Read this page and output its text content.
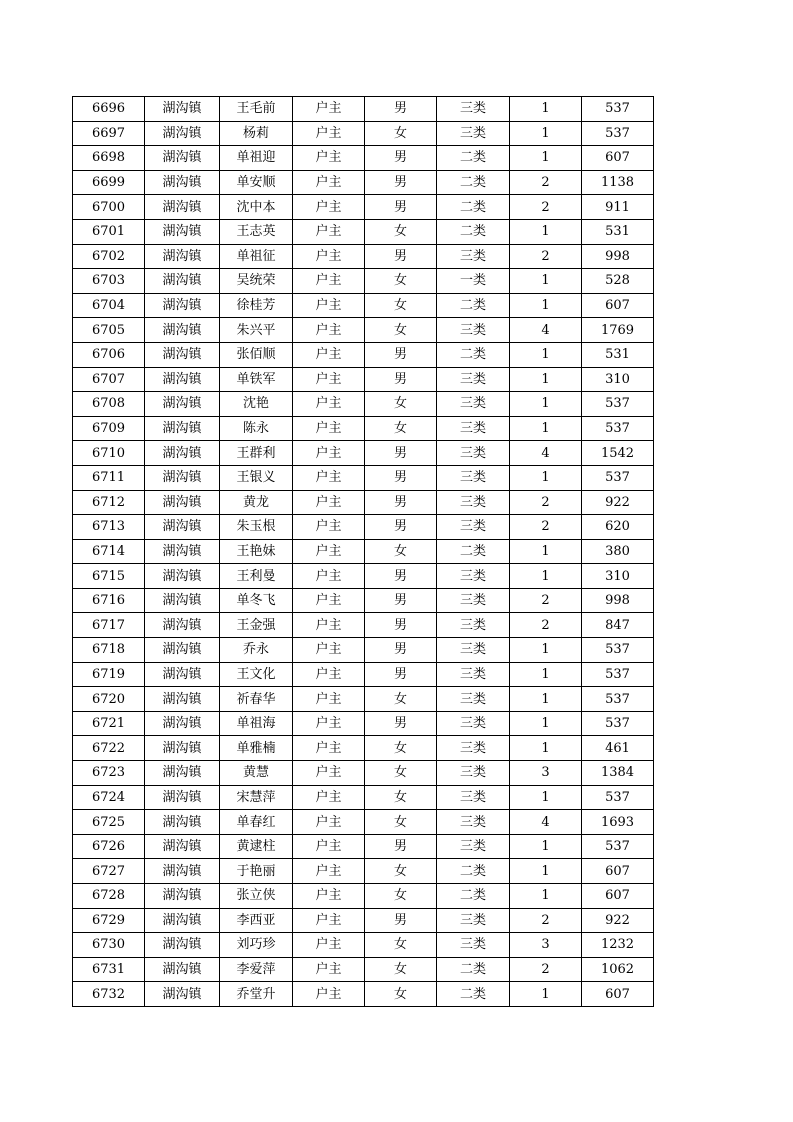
6696	湖沟镇	王毛前	户主	男	三类	1	537
6697	湖沟镇	杨莉	户主	女	三类	1	537
6698	湖沟镇	单祖迎	户主	男	二类	1	607
6699	湖沟镇	单安顺	户主	男	二类	2	1138
6700	湖沟镇	沈中本	户主	男	二类	2	911
6701	湖沟镇	王志英	户主	女	二类	1	531
6702	湖沟镇	单祖征	户主	男	三类	2	998
6703	湖沟镇	吴统荣	户主	女	一类	1	528
6704	湖沟镇	徐桂芳	户主	女	二类	1	607
6705	湖沟镇	朱兴平	户主	女	三类	4	1769
6706	湖沟镇	张佰顺	户主	男	二类	1	531
6707	湖沟镇	单铁军	户主	男	三类	1	310
6708	湖沟镇	沈艳	户主	女	三类	1	537
6709	湖沟镇	陈永	户主	女	三类	1	537
6710	湖沟镇	王群利	户主	男	三类	4	1542
6711	湖沟镇	王银义	户主	男	三类	1	537
6712	湖沟镇	黄龙	户主	男	三类	2	922
6713	湖沟镇	朱玉根	户主	男	三类	2	620
6714	湖沟镇	王艳妹	户主	女	二类	1	380
6715	湖沟镇	王利曼	户主	男	三类	1	310
6716	湖沟镇	单冬飞	户主	男	三类	2	998
6717	湖沟镇	王金强	户主	男	三类	2	847
6718	湖沟镇	乔永	户主	男	三类	1	537
6719	湖沟镇	王文化	户主	男	三类	1	537
6720	湖沟镇	祈春华	户主	女	三类	1	537
6721	湖沟镇	单祖海	户主	男	三类	1	537
6722	湖沟镇	单雅楠	户主	女	三类	1	461
6723	湖沟镇	黄慧	户主	女	三类	3	1384
6724	湖沟镇	宋慧萍	户主	女	三类	1	537
6725	湖沟镇	单春红	户主	女	三类	4	1693
6726	湖沟镇	黄逮柱	户主	男	三类	1	537
6727	湖沟镇	于艳丽	户主	女	二类	1	607
6728	湖沟镇	张立侠	户主	女	二类	1	607
6729	湖沟镇	李西亚	户主	男	三类	2	922
6730	湖沟镇	刘巧珍	户主	女	三类	3	1232
6731	湖沟镇	李爱萍	户主	女	二类	2	1062
6732	湖沟镇	乔堂升	户主	女	二类	1	607
